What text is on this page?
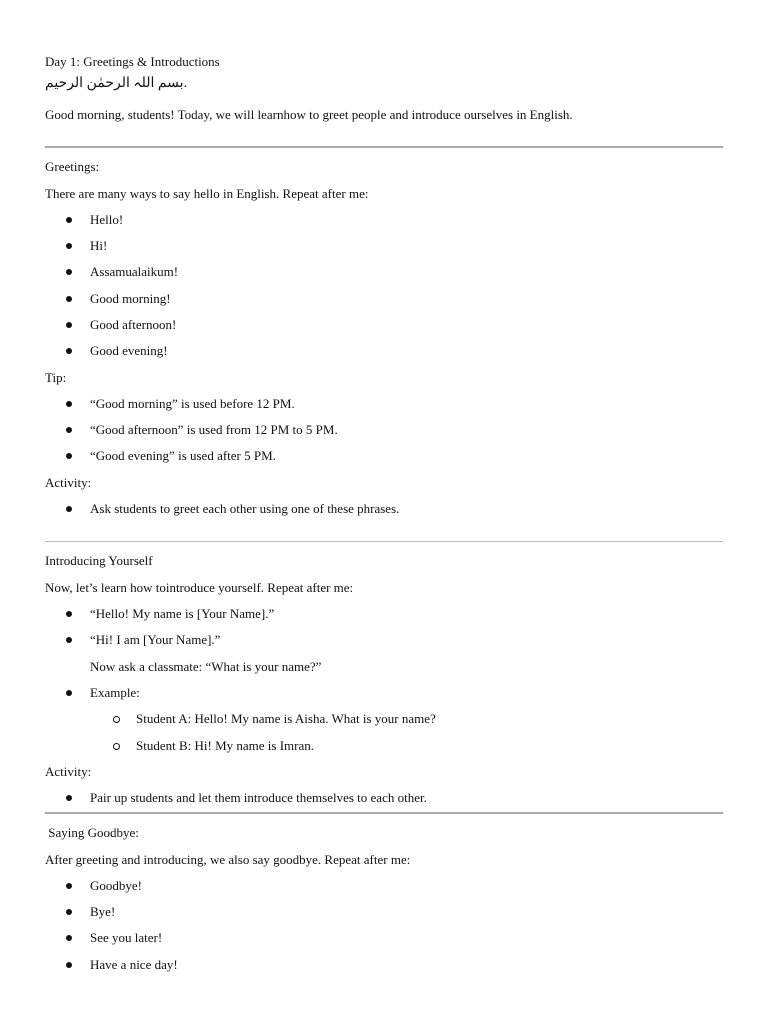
Day 1: Greetings & Introductions
بسم اللہ الرحمٰن الرحیم.
Good morning, students! Today, we will learnhow to greet people and introduce ourselves in English.
Greetings:
There are many ways to say hello in English. Repeat after me:
Hello!
Hi!
Assamualaikum!
Good morning!
Good afternoon!
Good evening!
Tip:
“Good morning” is used before 12 PM.
“Good afternoon” is used from 12 PM to 5 PM.
“Good evening” is used after 5 PM.
Activity:
Ask students to greet each other using one of these phrases.
Introducing Yourself
Now, let’s learn how tointroduce yourself. Repeat after me:
“Hello! My name is [Your Name].”
“Hi! I am [Your Name].”
Now ask a classmate: “What is your name?”
Example:
Student A: Hello! My name is Aisha. What is your name?
Student B: Hi! My name is Imran.
Activity:
Pair up students and let them introduce themselves to each other.
Saying Goodbye:
After greeting and introducing, we also say goodbye. Repeat after me:
Goodbye!
Bye!
See you later!
Have a nice day!
